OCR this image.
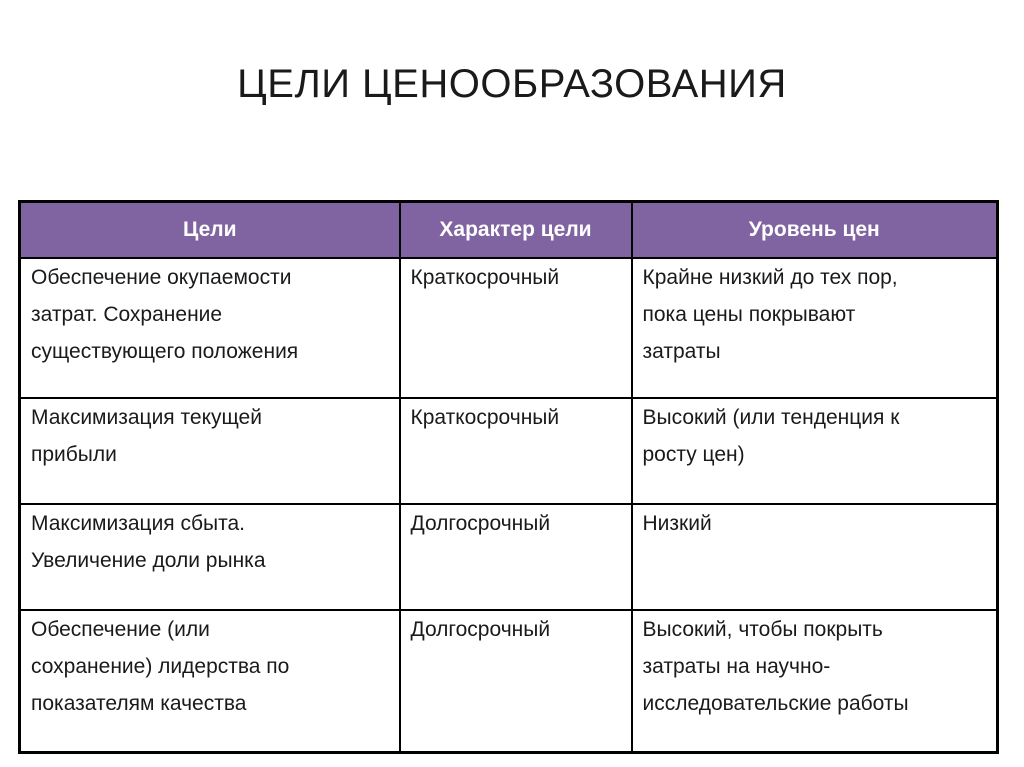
ЦЕЛИ ЦЕНООБРАЗОВАНИЯ
Цели	Характер цели	Уровень цен

Обеспечение окупаемости
затрат. Сохранение
существующего положения	Краткосрочный	Крайне низкий до тех пор,
пока цены покрывают
затраты

Максимизация текущей
прибыли	Краткосрочный	Высокий (или тенденция к
росту цен)

Максимизация сбыта.
Увеличение доли рынка	Долгосрочный	Низкий

Обеспечение (или
сохранение) лидерства по
показателям качества	Долгосрочный	Высокий, чтобы покрыть
затраты на научно-
исследовательские работы
